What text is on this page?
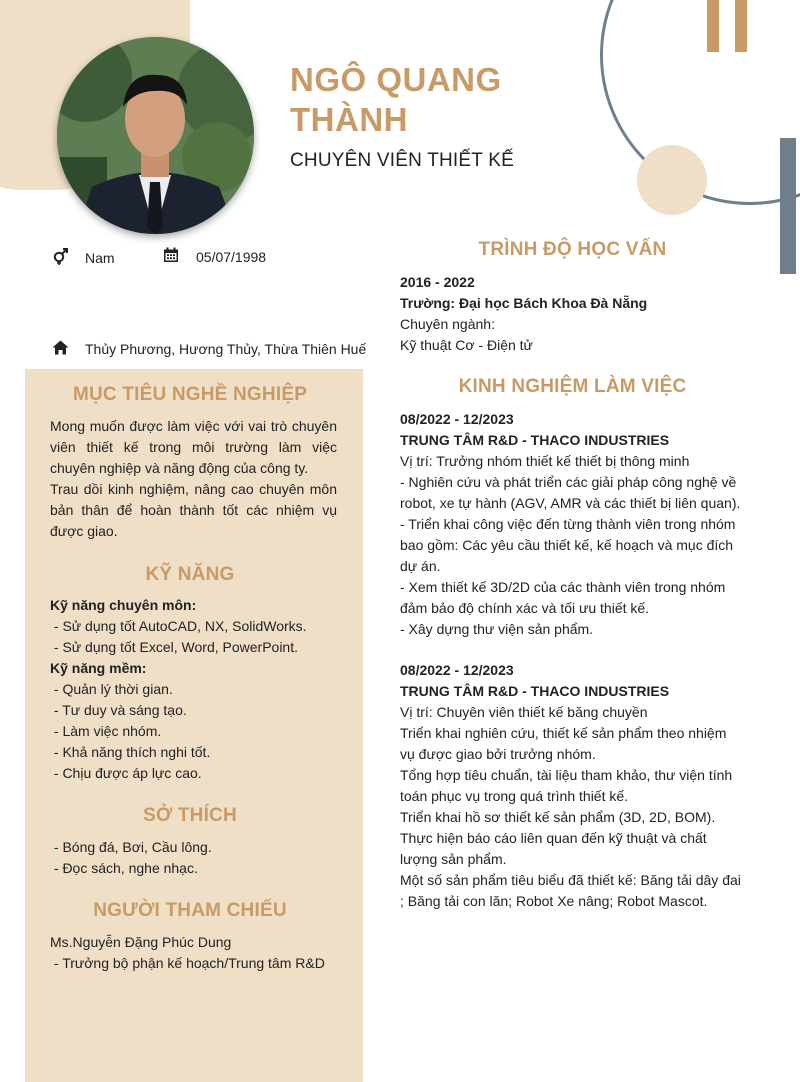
NGÔ QUANG
THÀNH
CHUYÊN VIÊN THIẾT KẾ
Nam	05/07/1998
Thủy Phương, Hương Thủy, Thừa Thiên Huế
MỤC TIÊU NGHỀ NGHIỆP
Mong muốn được làm việc với vai trò chuyên viên thiết kế trong môi trường làm việc chuyên nghiệp và năng động của công ty.
Trau dồi kinh nghiệm, nâng cao chuyên môn bản thân để hoàn thành tốt các nhiệm vụ được giao.
KỸ NĂNG
Kỹ năng chuyên môn:
- Sử dụng tốt AutoCAD, NX, SolidWorks.
- Sử dụng tốt Excel, Word, PowerPoint.
Kỹ năng mềm:
- Quản lý thời gian.
- Tư duy và sáng tạo.
- Làm việc nhóm.
- Khả năng thích nghi tốt.
- Chịu được áp lực cao.
SỞ THÍCH
- Bóng đá, Bơi, Cầu lông.
- Đọc sách, nghe nhạc.
NGƯỜI THAM CHIẾU
Ms.Nguyễn Đặng Phúc Dung
- Trưởng bộ phận kế hoạch/Trung tâm R&D
TRÌNH ĐỘ HỌC VẤN
2016 - 2022
Trường: Đại học Bách Khoa Đà Nẵng
Chuyên ngành:
Kỹ thuật Cơ - Điện tử
KINH NGHIỆM LÀM VIỆC
08/2022 - 12/2023
TRUNG TÂM R&D - THACO INDUSTRIES
Vị trí: Trưởng nhóm thiết kế thiết bị thông minh
- Nghiên cứu và phát triển các giải pháp công nghệ về robot, xe tự hành (AGV, AMR và các thiết bị liên quan).
- Triển khai công việc đến từng thành viên trong nhóm bao gồm: Các yêu cầu thiết kế, kế hoạch và mục đích dự án.
- Xem thiết kế 3D/2D của các thành viên trong nhóm đảm bảo độ chính xác và tối ưu thiết kế.
- Xây dựng thư viện sản phẩm.
08/2022 - 12/2023
TRUNG TÂM R&D - THACO INDUSTRIES
Vị trí: Chuyên viên thiết kế băng chuyền
Triển khai nghiên cứu, thiết kế sản phẩm theo nhiệm vụ được giao bởi trưởng nhóm.
Tổng hợp tiêu chuẩn, tài liệu tham khảo, thư viện tính toán phục vụ trong quá trình thiết kế.
Triển khai hồ sơ thiết kế sản phẩm (3D, 2D, BOM).
Thực hiện báo cáo liên quan đến kỹ thuật và chất lượng sản phẩm.
Một số sản phẩm tiêu biểu đã thiết kế: Băng tải dây đai ; Băng tải con lăn; Robot Xe nâng; Robot Mascot.
